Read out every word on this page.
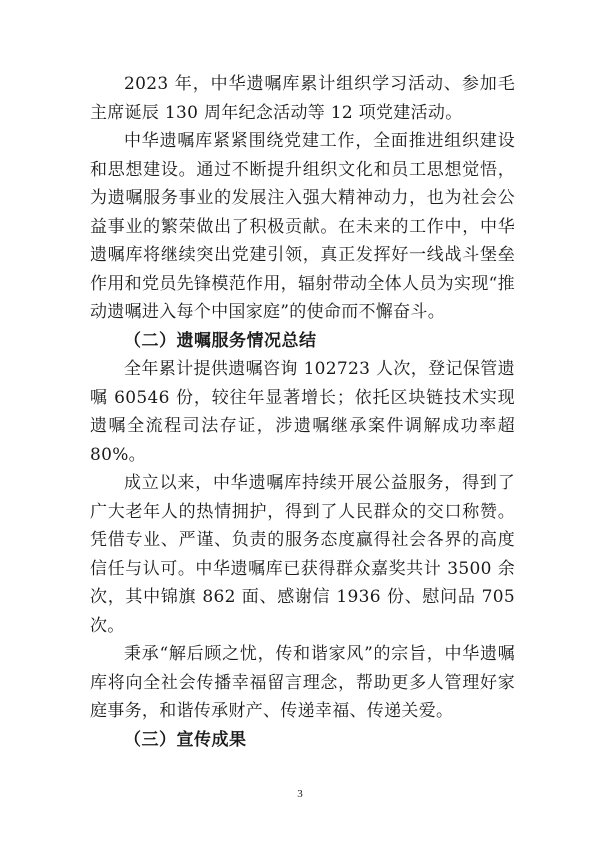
2023 年，中华遗嘱库累计组织学习活动、参加毛主席诞辰 130 周年纪念活动等 12 项党建活动。

中华遗嘱库紧紧围绕党建工作，全面推进组织建设和思想建设。通过不断提升组织文化和员工思想觉悟，为遗嘱服务事业的发展注入强大精神动力，也为社会公益事业的繁荣做出了积极贡献。在未来的工作中，中华遗嘱库将继续突出党建引领，真正发挥好一线战斗堡垒作用和党员先锋模范作用，辐射带动全体人员为实现“推动遗嘱进入每个中国家庭”的使命而不懈奋斗。

（二）遗嘱服务情况总结

全年累计提供遗嘱咨询 102723 人次，登记保管遗嘱 60546 份，较往年显著增长；依托区块链技术实现遗嘱全流程司法存证，涉遗嘱继承案件调解成功率超 80%。

成立以来，中华遗嘱库持续开展公益服务，得到了广大老年人的热情拥护，得到了人民群众的交口称赞。凭借专业、严谨、负责的服务态度赢得社会各界的高度信任与认可。中华遗嘱库已获得群众嘉奖共计 3500 余次，其中锦旗 862 面、感谢信 1936 份、慰问品 705 次。

秉承“解后顾之忧，传和谐家风”的宗旨，中华遗嘱库将向全社会传播幸福留言理念，帮助更多人管理好家庭事务，和谐传承财产、传递幸福、传递关爱。

（三）宣传成果

3
